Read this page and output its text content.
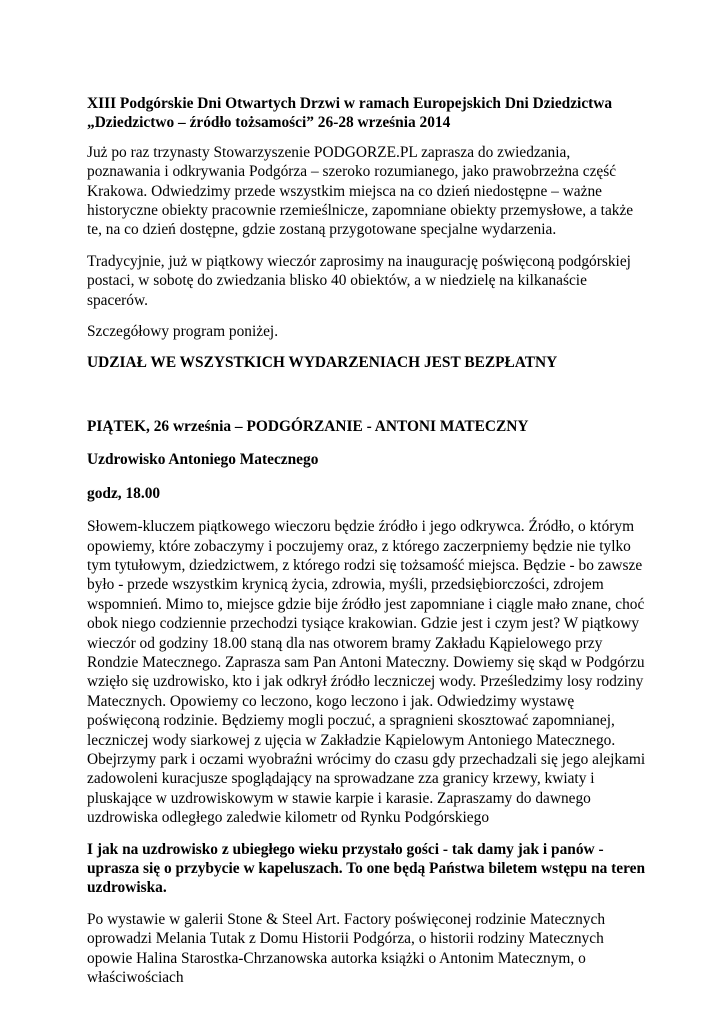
XIII Podgórskie Dni Otwartych Drzwi w ramach Europejskich Dni Dziedzictwa

„Dziedzictwo – źródło tożsamości” 26-28 września 2014

Już po raz trzynasty Stowarzyszenie PODGORZE.PL zaprasza do zwiedzania, poznawania i odkrywania Podgórza – szeroko rozumianego, jako prawobrzeżna część Krakowa. Odwiedzimy przede wszystkim miejsca na co dzień niedostępne – ważne historyczne obiekty pracownie rzemieślnicze, zapomniane obiekty przemysłowe, a także te, na co dzień dostępne, gdzie zostaną przygotowane specjalne wydarzenia.

Tradycyjnie, już w piątkowy wieczór zaprosimy na inaugurację poświęconą podgórskiej postaci, w sobotę do zwiedzania blisko 40 obiektów, a w niedzielę na kilkanaście spacerów.

Szczegółowy program poniżej.

UDZIAŁ WE WSZYSTKICH WYDARZENIACH JEST BEZPŁATNY

PIĄTEK, 26 września – PODGÓRZANIE - ANTONI MATECZNY

Uzdrowisko Antoniego Matecznego

godz, 18.00

Słowem-kluczem piątkowego wieczoru będzie źródło i jego odkrywca. Źródło, o którym opowiemy, które zobaczymy i poczujemy oraz, z którego zaczerpniemy będzie nie tylko tym tytułowym, dziedzictwem, z którego rodzi się tożsamość miejsca. Będzie - bo zawsze było - przede wszystkim krynicą życia, zdrowia, myśli, przedsiębiorczości, zdrojem wspomnień. Mimo to, miejsce gdzie bije źródło jest zapomniane i ciągle mało znane, choć obok niego codziennie przechodzi tysiące krakowian. Gdzie jest i czym jest? W piątkowy wieczór od godziny 18.00 staną dla nas otworem bramy Zakładu Kąpielowego przy Rondzie Matecznego. Zaprasza sam Pan Antoni Mateczny. Dowiemy się skąd w Podgórzu wzięło się uzdrowisko, kto i jak odkrył źródło leczniczej wody. Prześledzimy losy rodziny Matecznych. Opowiemy co leczono, kogo leczono i jak. Odwiedzimy wystawę poświęconą rodzinie. Będziemy mogli poczuć, a spragnieni skosztować zapomnianej, leczniczej wody siarkowej z ujęcia w Zakładzie Kąpielowym Antoniego Matecznego. Obejrzymy park i oczami wyobraźni wrócimy do czasu gdy przechadzali się jego alejkami zadowoleni kuracjusze spoglądający na sprowadzane zza granicy krzewy, kwiaty i pluskające w uzdrowiskowym w stawie karpie i karasie. Zapraszamy do dawnego uzdrowiska odległego zaledwie kilometr od Rynku Podgórskiego

I jak na uzdrowisko z ubiegłego wieku przystało gości - tak damy jak i panów - uprasza się o przybycie w kapeluszach. To one będą Państwa biletem wstępu na teren uzdrowiska.

Po wystawie w galerii Stone & Steel Art. Factory poświęconej rodzinie Matecznych oprowadzi Melania Tutak z Domu Historii Podgórza, o historii rodziny Matecznych opowie Halina Starostka-Chrzanowska autorka książki o Antonim Matecznym, o właściwościach
